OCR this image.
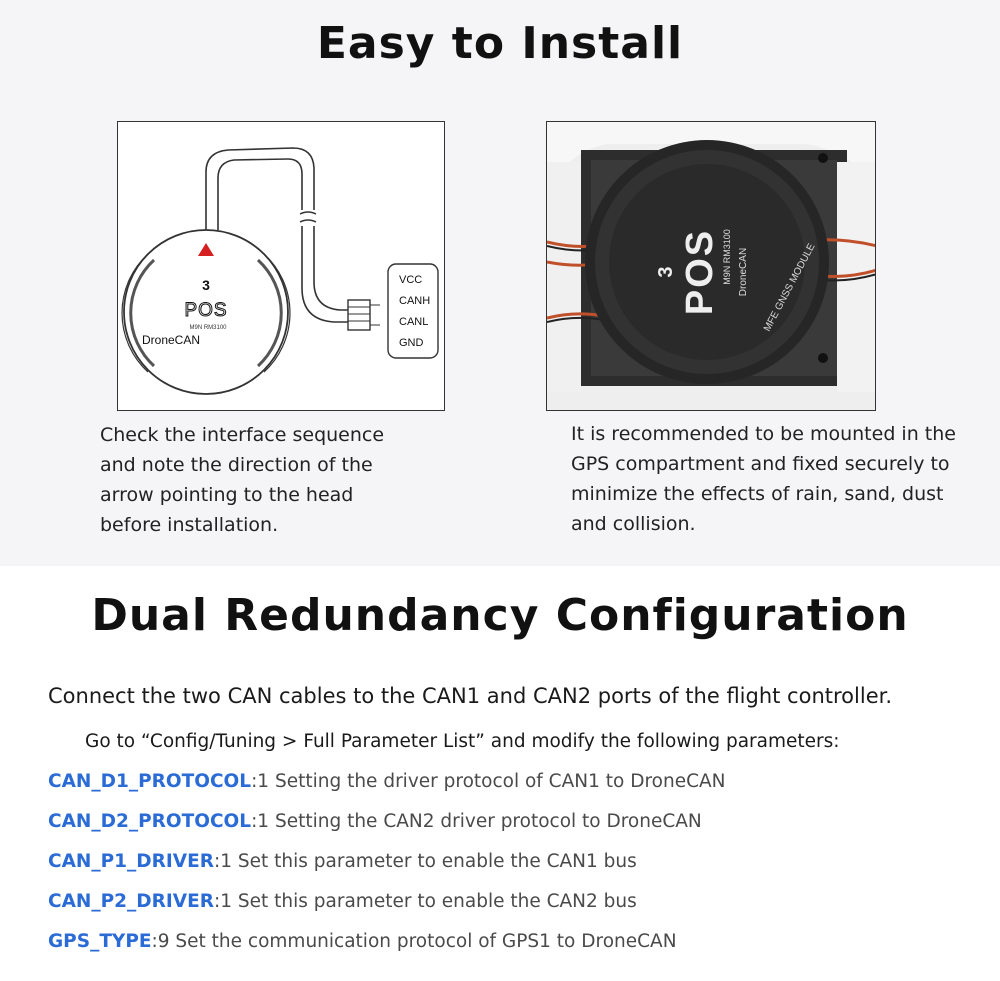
Easy to Install
VCC
CANH
CANL
GND
3
POS
M9N RM3100
DroneCAN
3 POS M9N RM3100 DroneCAN MFE GNSS MODULE
Check the interface sequence
and note the direction of the
arrow pointing to the head
before installation.
It is recommended to be mounted in the
GPS compartment and fixed securely to
minimize the effects of rain, sand, dust
and collision.
Dual Redundancy Configuration
Connect the two CAN cables to the CAN1 and CAN2 ports of the flight controller.
Go to “Config/Tuning > Full Parameter List” and modify the following parameters:
CAN_D1_PROTOCOL:1 Setting the driver protocol of CAN1 to DroneCAN
CAN_D2_PROTOCOL:1 Setting the CAN2 driver protocol to DroneCAN
CAN_P1_DRIVER:1 Set this parameter to enable the CAN1 bus
CAN_P2_DRIVER:1 Set this parameter to enable the CAN2 bus
GPS_TYPE:9 Set the communication protocol of GPS1 to DroneCAN
